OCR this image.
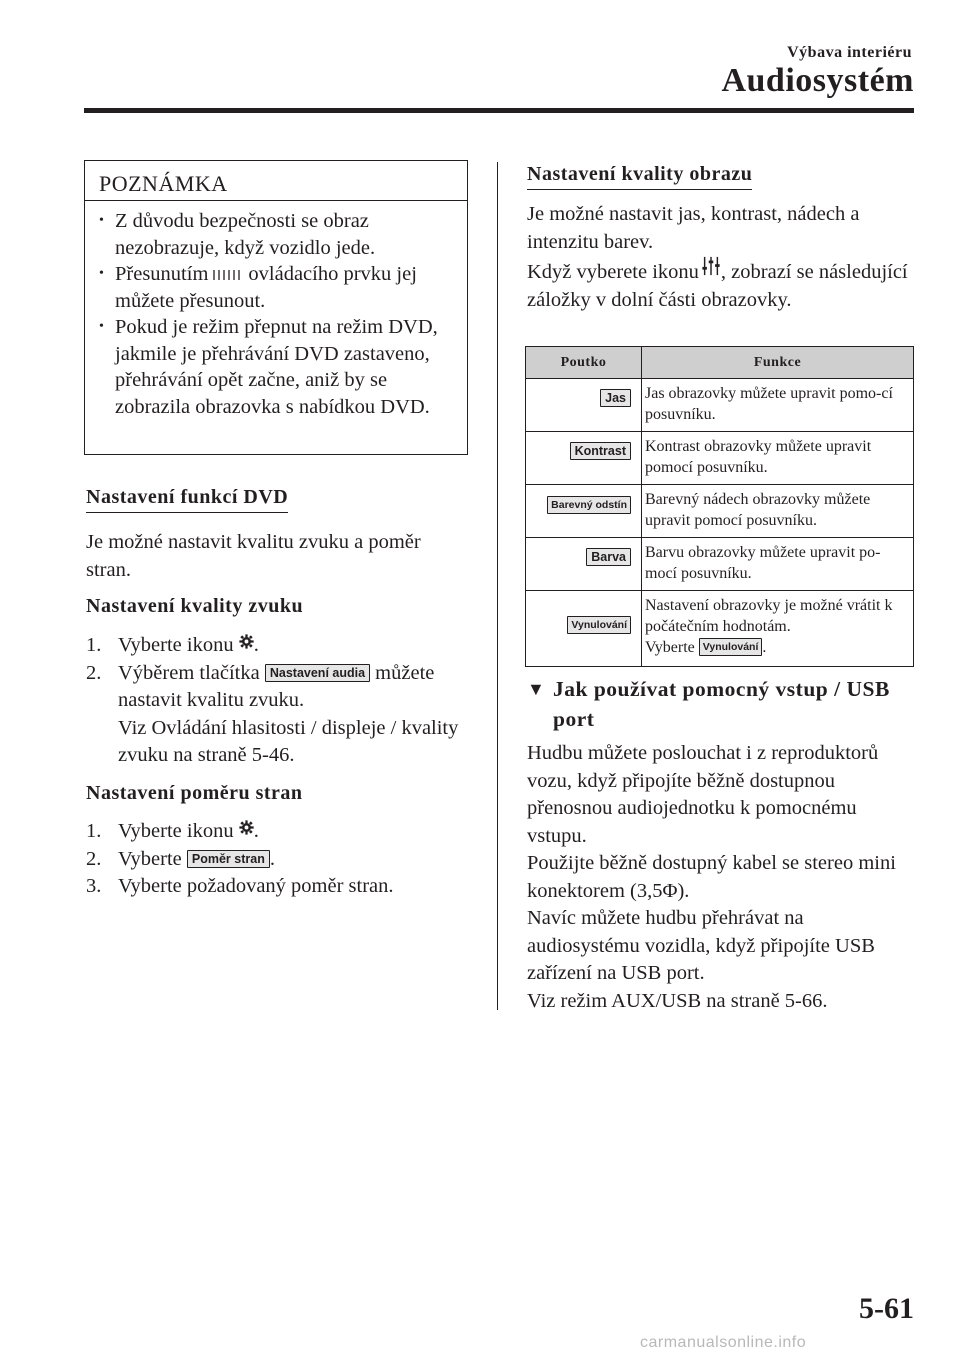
Výbava interiéru
Audiosystém
POZNÁMKA
• Z důvodu bezpečnosti se obraz nezobrazuje, když vozidlo jede.
• Přesunutím ovládacího prvku jej můžete přesunout.
• Pokud je režim přepnut na režim DVD, jakmile je přehrávání DVD zastaveno, přehrávání opět začne, aniž by se zobrazila obrazovka s nabídkou DVD.
Nastavení funkcí DVD
Je možné nastavit kvalitu zvuku a poměr stran.
Nastavení kvality zvuku
1. Vyberte ikonu .
2. Výběrem tlačítka Nastavení audia můžete nastavit kvalitu zvuku.
Viz Ovládání hlasitosti / displeje / kvality zvuku na straně 5-46.
Nastavení poměru stran
1. Vyberte ikonu .
2. Vyberte Poměr stran .
3. Vyberte požadovaný poměr stran.
Nastavení kvality obrazu
Je možné nastavit jas, kontrast, nádech a intenzitu barev.
Když vyberete ikonu , zobrazí se následující záložky v dolní části obrazovky.
Poutko	Funkce
Jas	Jas obrazovky můžete upravit pomo-cí posuvníku.
Kontrast	Kontrast obrazovky můžete upravit pomocí posuvníku.
Barevný odstín	Barevný nádech obrazovky můžete upravit pomocí posuvníku.
Barva	Barvu obrazovky můžete upravit po-mocí posuvníku.
Vynulování	Nastavení obrazovky je možné vrátit k počátečním hodnotám.
Vyberte Vynulování .
▼ Jak používat pomocný vstup / USB port
Hudbu můžete poslouchat i z reproduktorů vozu, když připojíte běžně dostupnou přenosnou audiojednotku k pomocnému vstupu.
Použijte běžně dostupný kabel se stereo mini konektorem (3,5Φ).
Navíc můžete hudbu přehrávat na audiosystému vozidla, když připojíte USB zařízení na USB port.
Viz režim AUX/USB na straně 5-66.
5-61
carmanualsonline.info
